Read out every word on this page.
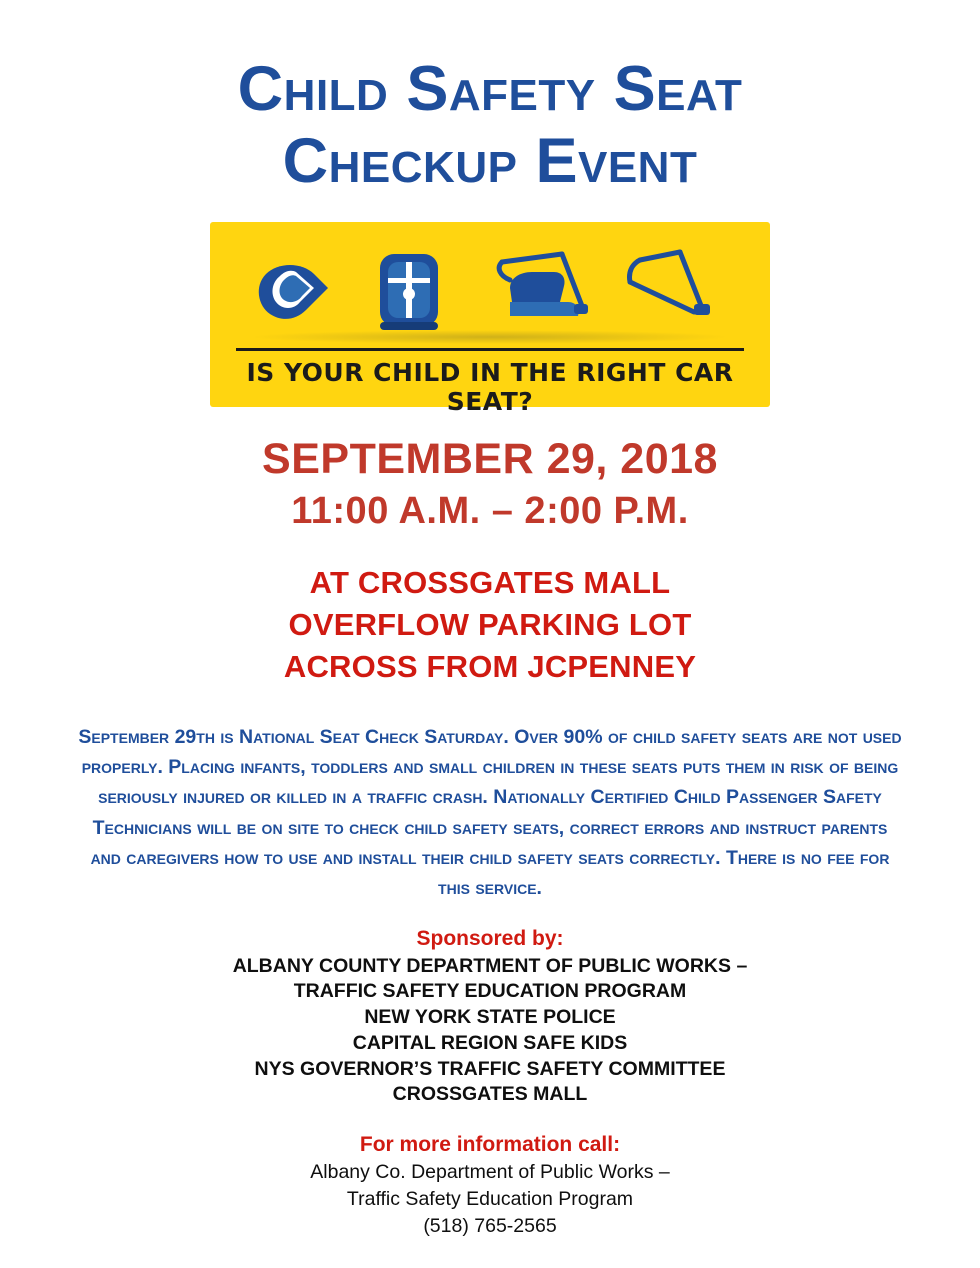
Child Safety Seat
Checkup Event
IS YOUR CHILD IN THE RIGHT CAR SEAT?
SEPTEMBER 29, 2018
11:00 A.M. – 2:00 P.M.
AT CROSSGATES MALL
OVERFLOW PARKING LOT
ACROSS FROM JCPENNEY
September 29th is National Seat Check Saturday. Over 90% of child safety seats are not used properly. Placing infants, toddlers and small children in these seats puts them in risk of being seriously injured or killed in a traffic crash. Nationally Certified Child Passenger Safety Technicians will be on site to check child safety seats, correct errors and instruct parents and caregivers how to use and install their child safety seats correctly. There is no fee for this service.
Sponsored by:
ALBANY COUNTY DEPARTMENT OF PUBLIC WORKS –
TRAFFIC SAFETY EDUCATION PROGRAM
NEW YORK STATE POLICE
CAPITAL REGION SAFE KIDS
NYS GOVERNOR’S TRAFFIC SAFETY COMMITTEE
CROSSGATES MALL
For more information call:
Albany Co. Department of Public Works –
Traffic Safety Education Program
(518) 765-2565
